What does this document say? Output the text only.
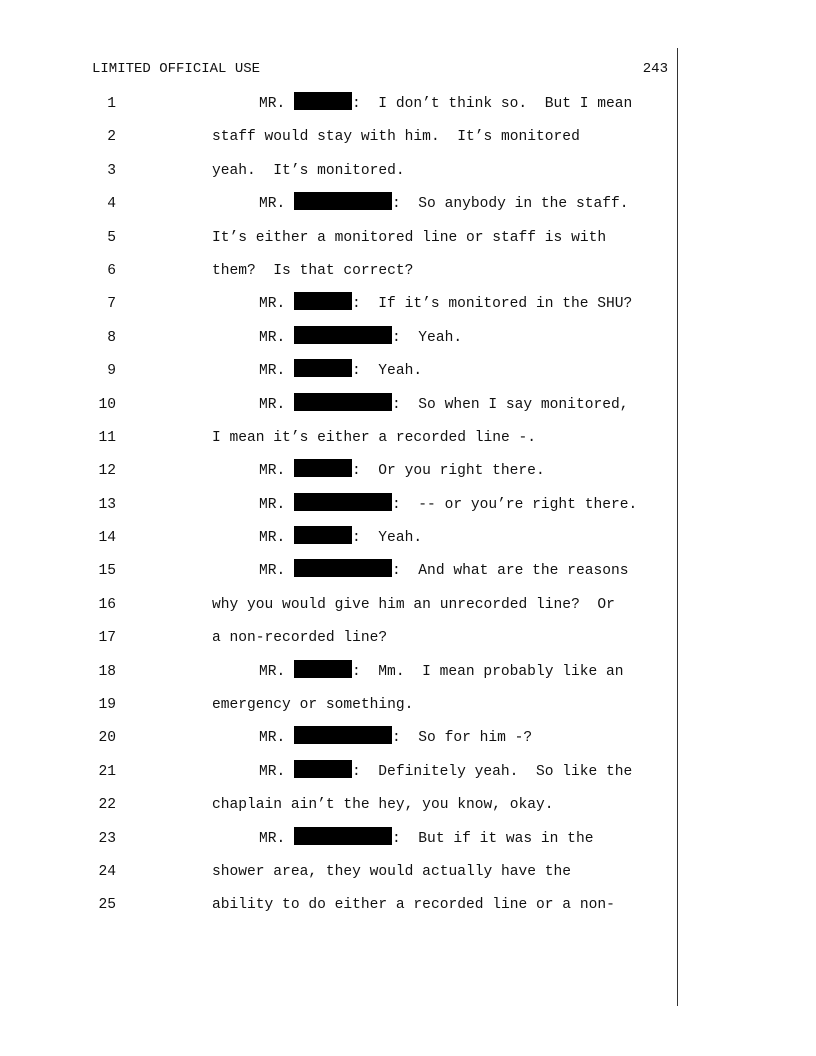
LIMITED OFFICIAL USE	243
1	MR.	:  I don’t think so.  But I mean
2	staff would stay with him.  It’s monitored
3	yeah.  It’s monitored.
4	MR.	:  So anybody in the staff.
5	It’s either a monitored line or staff is with
6	them?  Is that correct?
7	MR.	:  If it’s monitored in the SHU?
8	MR.	:  Yeah.
9	MR.	:  Yeah.
10	MR.	:  So when I say monitored,
11	I mean it’s either a recorded line -.
12	MR.	:  Or you right there.
13	MR.	:  -- or you’re right there.
14	MR.	:  Yeah.
15	MR.	:  And what are the reasons
16	why you would give him an unrecorded line?  Or
17	a non-recorded line?
18	MR.	:  Mm.  I mean probably like an
19	emergency or something.
20	MR.	:  So for him -?
21	MR.	:  Definitely yeah.  So like the
22	chaplain ain’t the hey, you know, okay.
23	MR.	:  But if it was in the
24	shower area, they would actually have the
25	ability to do either a recorded line or a non-
